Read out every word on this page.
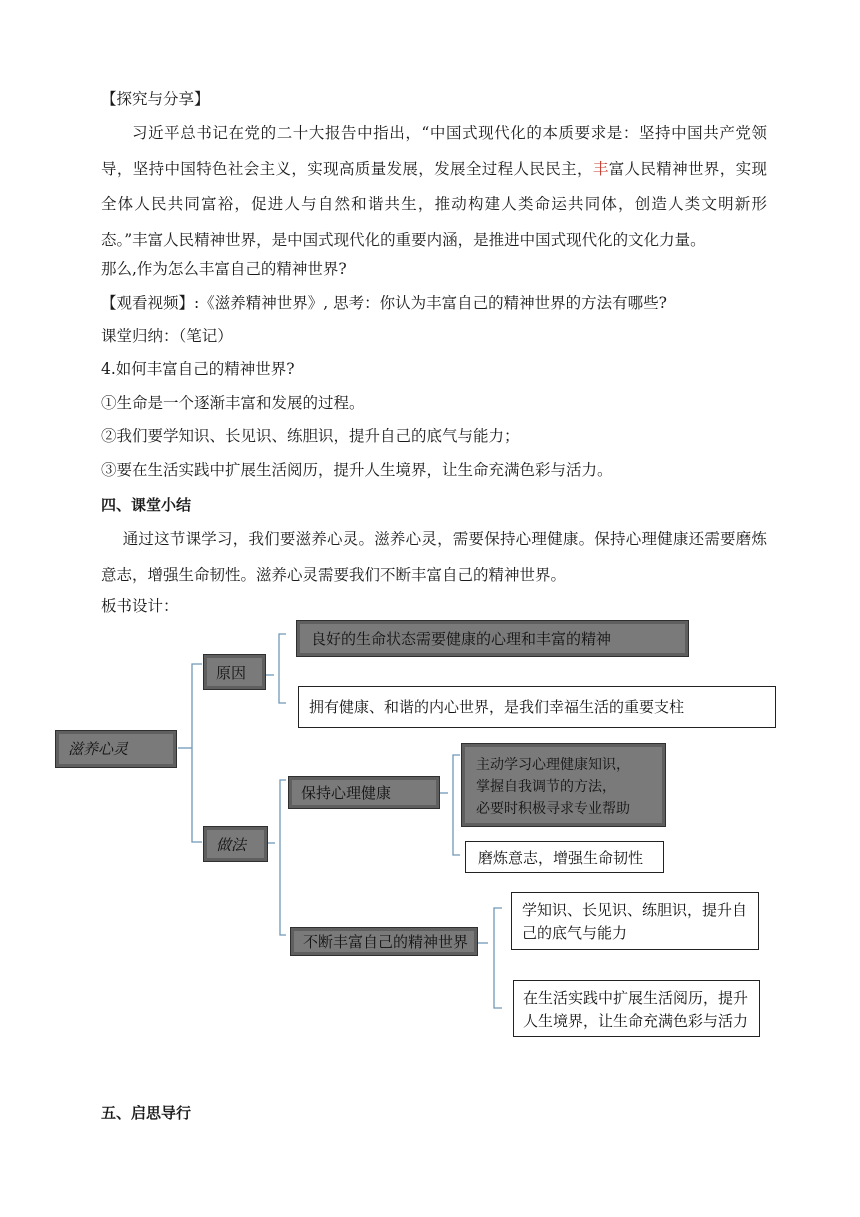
【探究与分享】
习近平总书记在党的二十大报告中指出，“中国式现代化的本质要求是：坚持中国共产党领导，坚持中国特色社会主义，实现高质量发展，发展全过程人民民主，丰富人民精神世界，实现全体人民共同富裕，促进人与自然和谐共生，推动构建人类命运共同体，创造人类文明新形态。”丰富人民精神世界，是中国式现代化的重要内涵，是推进中国式现代化的文化力量。
那么,作为怎么丰富自己的精神世界?
【观看视频】:《滋养精神世界》, 思考：你认为丰富自己的精神世界的方法有哪些?
课堂归纳：（笔记）
4.如何丰富自己的精神世界?
①生命是一个逐渐丰富和发展的过程。
②我们要学知识、长见识、练胆识，提升自己的底气与能力；
③要在生活实践中扩展生活阅历，提升人生境界，让生命充满色彩与活力。
四、课堂小结
通过这节课学习，我们要滋养心灵。滋养心灵，需要保持心理健康。保持心理健康还需要磨炼意志，增强生命韧性。滋养心灵需要我们不断丰富自己的精神世界。
板书设计：
滋养心灵
原因
良好的生命状态需要健康的心理和丰富的精神
拥有健康、和谐的内心世界，是我们幸福生活的重要支柱
做法
保持心理健康
主动学习心理健康知识，
掌握自我调节的方法，
必要时积极寻求专业帮助
磨炼意志，增强生命韧性
不断丰富自己的精神世界
学知识、长见识、练胆识，提升自
己的底气与能力
在生活实践中扩展生活阅历，提升
人生境界，让生命充满色彩与活力
五、启思导行
